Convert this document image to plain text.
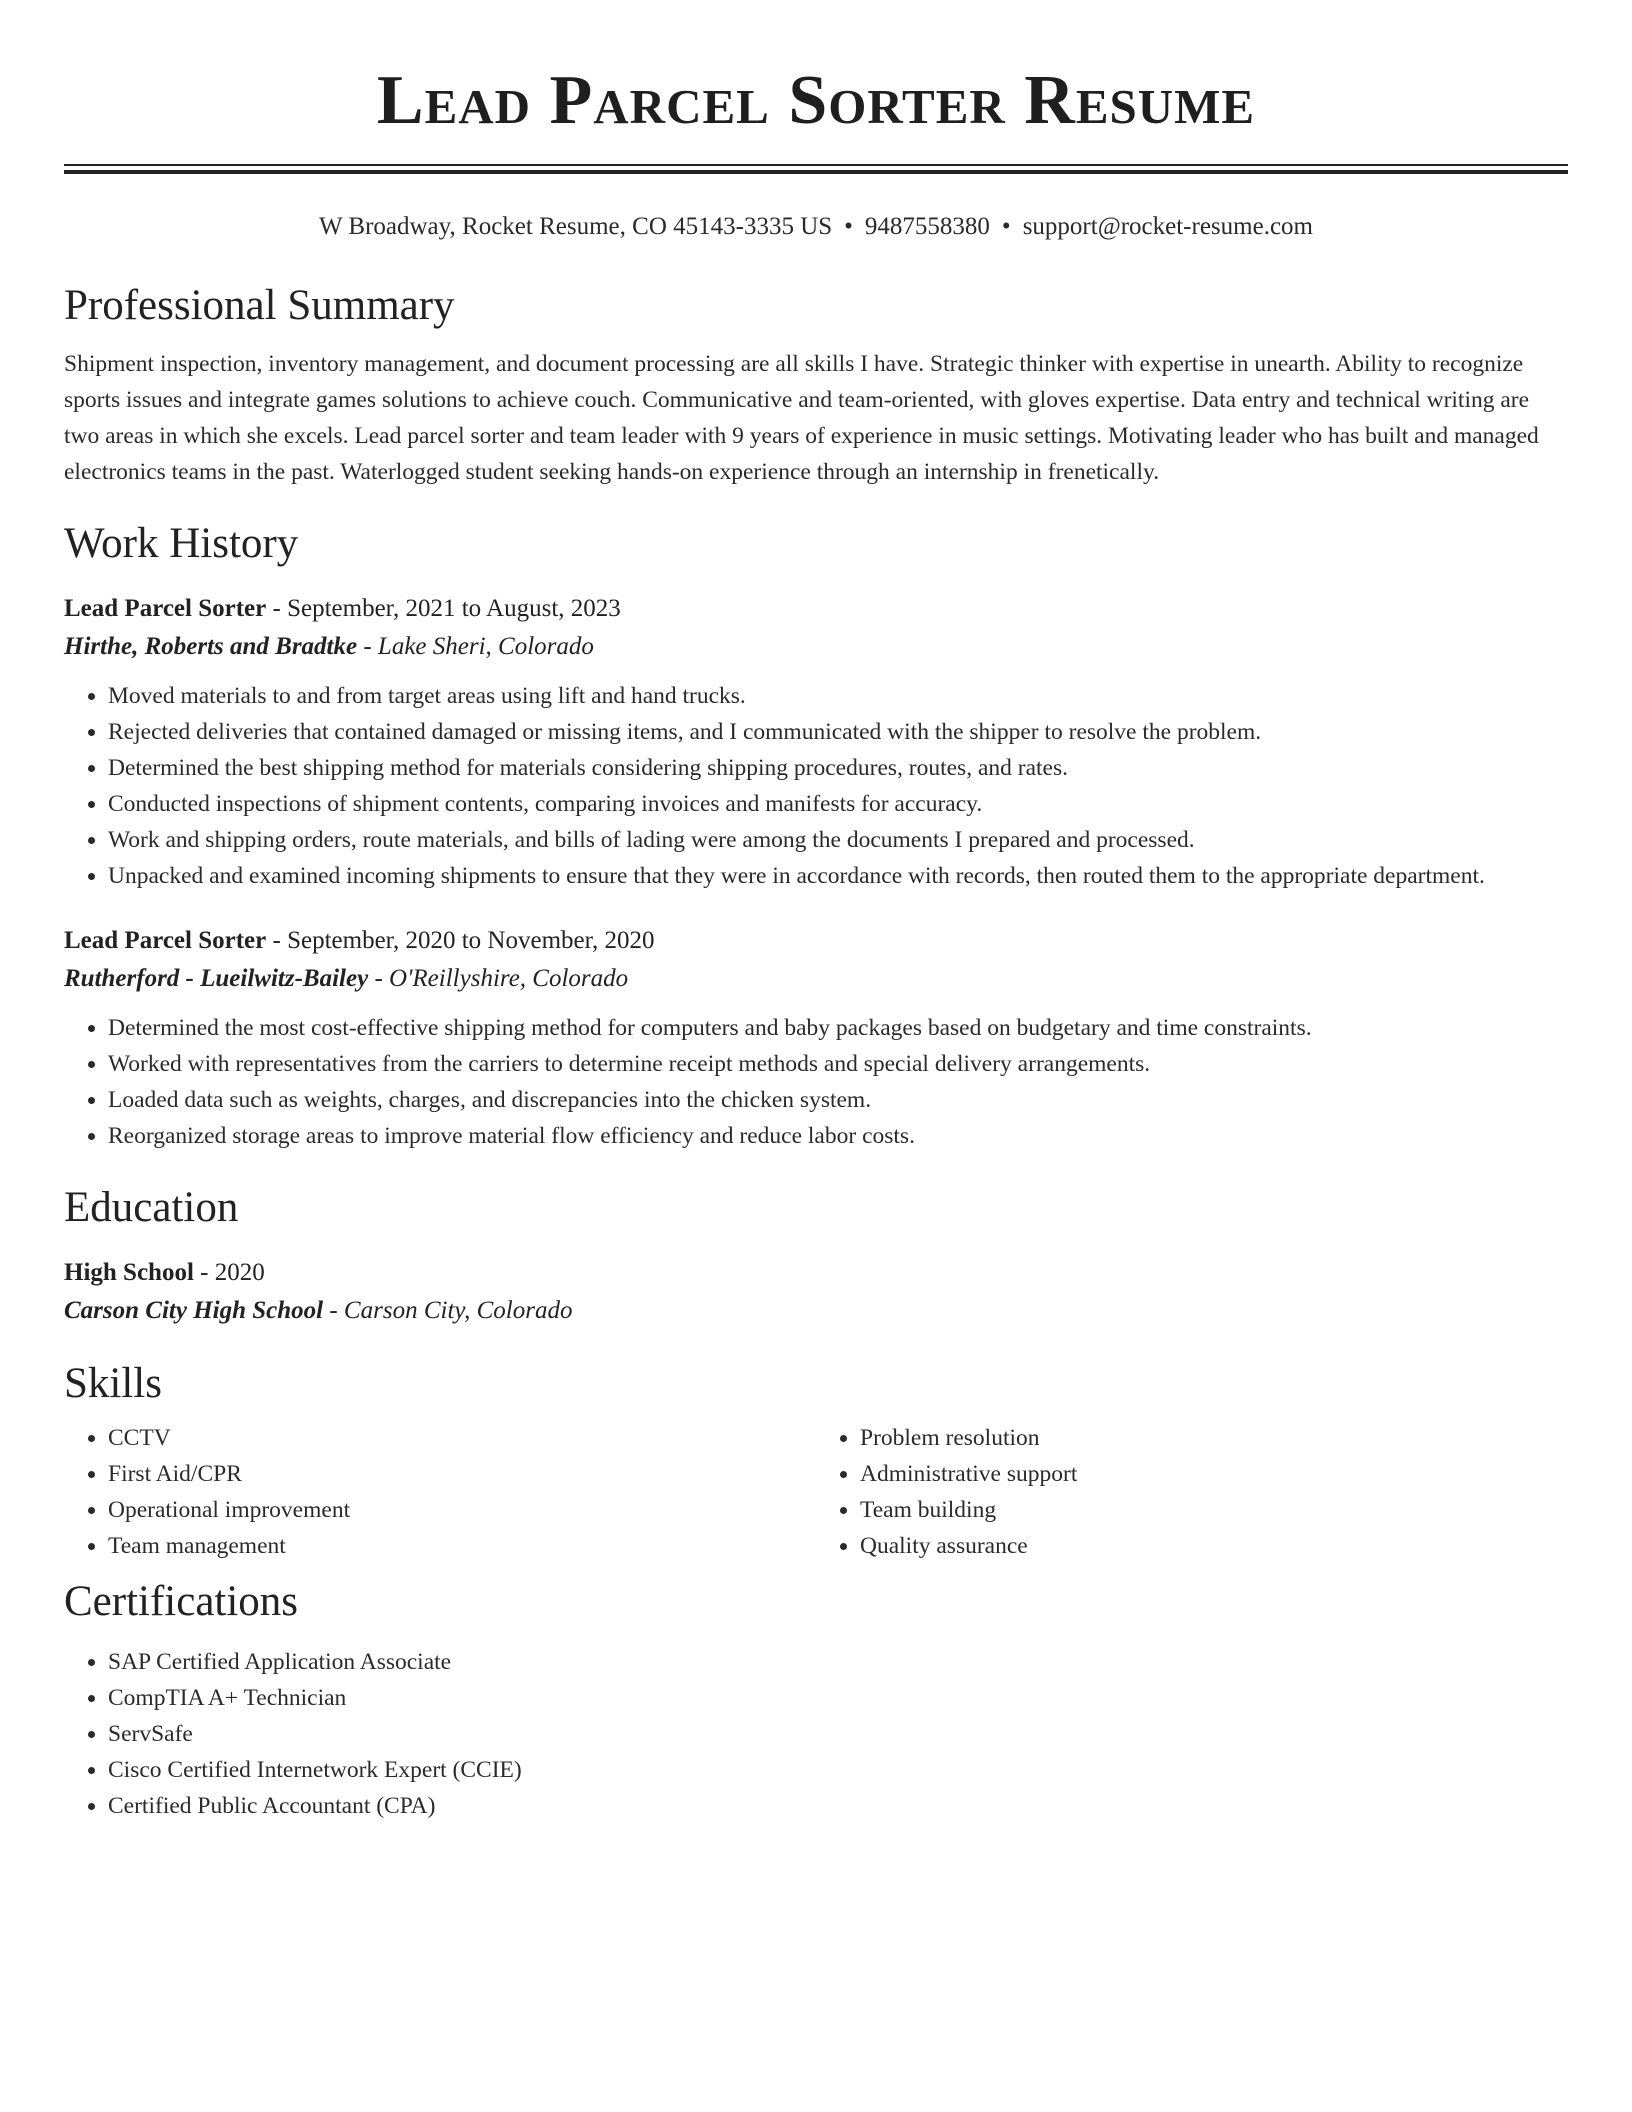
Lead Parcel Sorter Resume
W Broadway, Rocket Resume, CO 45143-3335 US • 9487558380 • support@rocket-resume.com
Professional Summary

Shipment inspection, inventory management, and document processing are all skills I have. Strategic thinker with expertise in unearth. Ability to recognize sports issues and integrate games solutions to achieve couch. Communicative and team-oriented, with gloves expertise. Data entry and technical writing are two areas in which she excels. Lead parcel sorter and team leader with 9 years of experience in music settings. Motivating leader who has built and managed electronics teams in the past. Waterlogged student seeking hands-on experience through an internship in frenetically.

Work History
Lead Parcel Sorter - September, 2021 to August, 2023
Hirthe, Roberts and Bradtke - Lake Sheri, Colorado
• Moved materials to and from target areas using lift and hand trucks.
• Rejected deliveries that contained damaged or missing items, and I communicated with the shipper to resolve the problem.
• Determined the best shipping method for materials considering shipping procedures, routes, and rates.
• Conducted inspections of shipment contents, comparing invoices and manifests for accuracy.
• Work and shipping orders, route materials, and bills of lading were among the documents I prepared and processed.
• Unpacked and examined incoming shipments to ensure that they were in accordance with records, then routed them to the appropriate department.
Lead Parcel Sorter - September, 2020 to November, 2020
Rutherford - Lueilwitz-Bailey - O'Reillyshire, Colorado
• Determined the most cost-effective shipping method for computers and baby packages based on budgetary and time constraints.
• Worked with representatives from the carriers to determine receipt methods and special delivery arrangements.
• Loaded data such as weights, charges, and discrepancies into the chicken system.
• Reorganized storage areas to improve material flow efficiency and reduce labor costs.
Education
High School - 2020
Carson City High School - Carson City, Colorado
Skills
• CCTV
• First Aid/CPR
• Operational improvement
• Team management
• Problem resolution
• Administrative support
• Team building
• Quality assurance
Certifications
• SAP Certified Application Associate
• CompTIA A+ Technician
• ServSafe
• Cisco Certified Internetwork Expert (CCIE)
• Certified Public Accountant (CPA)
